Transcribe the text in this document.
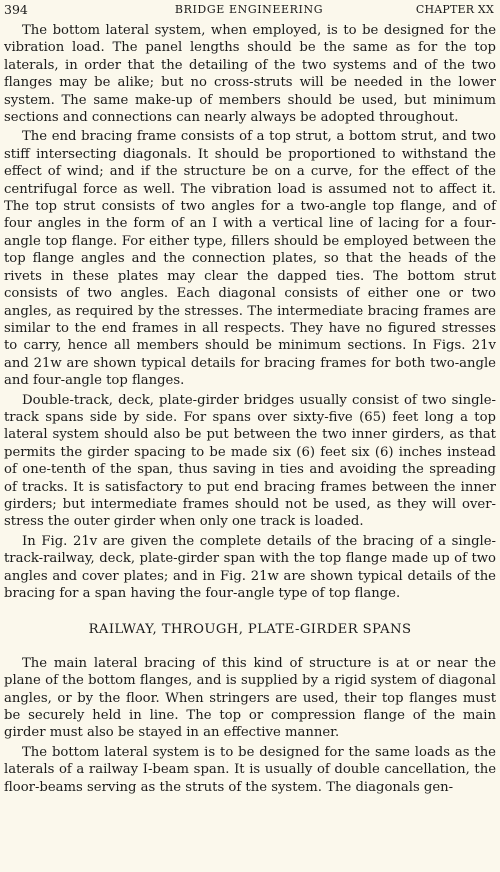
394	BRIDGE ENGINEERING	CHAPTER XX

The bottom lateral system, when employed, is to be designed for the vibration load. The panel lengths should be the same as for the top laterals, in order that the detailing of the two systems and of the two flanges may be alike; but no cross-struts will be needed in the lower system. The same make-up of members should be used, but minimum sections and connections can nearly always be adopted throughout.

The end bracing frame consists of a top strut, a bottom strut, and two stiff intersecting diagonals. It should be proportioned to withstand the effect of wind; and if the structure be on a curve, for the effect of the centrifugal force as well. The vibration load is assumed not to affect it. The top strut consists of two angles for a two-angle top flange, and of four angles in the form of an I with a vertical line of lacing for a four-angle top flange. For either type, fillers should be employed between the top flange angles and the connection plates, so that the heads of the rivets in these plates may clear the dapped ties. The bottom strut consists of two angles. Each diagonal consists of either one or two angles, as required by the stresses. The intermediate bracing frames are similar to the end frames in all respects. They have no figured stresses to carry, hence all members should be minimum sections. In Figs. 21v and 21w are shown typical details for bracing frames for both two-angle and four-angle top flanges.

Double-track, deck, plate-girder bridges usually consist of two single-track spans side by side. For spans over sixty-five (65) feet long a top lateral system should also be put between the two inner girders, as that permits the girder spacing to be made six (6) feet six (6) inches instead of one-tenth of the span, thus saving in ties and avoiding the spreading of tracks. It is satisfactory to put end bracing frames between the inner girders; but intermediate frames should not be used, as they will over-stress the outer girder when only one track is loaded.

In Fig. 21v are given the complete details of the bracing of a single-track-railway, deck, plate-girder span with the top flange made up of two angles and cover plates; and in Fig. 21w are shown typical details of the bracing for a span having the four-angle type of top flange.

RAILWAY, THROUGH, PLATE-GIRDER SPANS

The main lateral bracing of this kind of structure is at or near the plane of the bottom flanges, and is supplied by a rigid system of diagonal angles, or by the floor. When stringers are used, their top flanges must be securely held in line. The top or compression flange of the main girder must also be stayed in an effective manner.

The bottom lateral system is to be designed for the same loads as the laterals of a railway I-beam span. It is usually of double cancellation, the floor-beams serving as the struts of the system. The diagonals gen-
